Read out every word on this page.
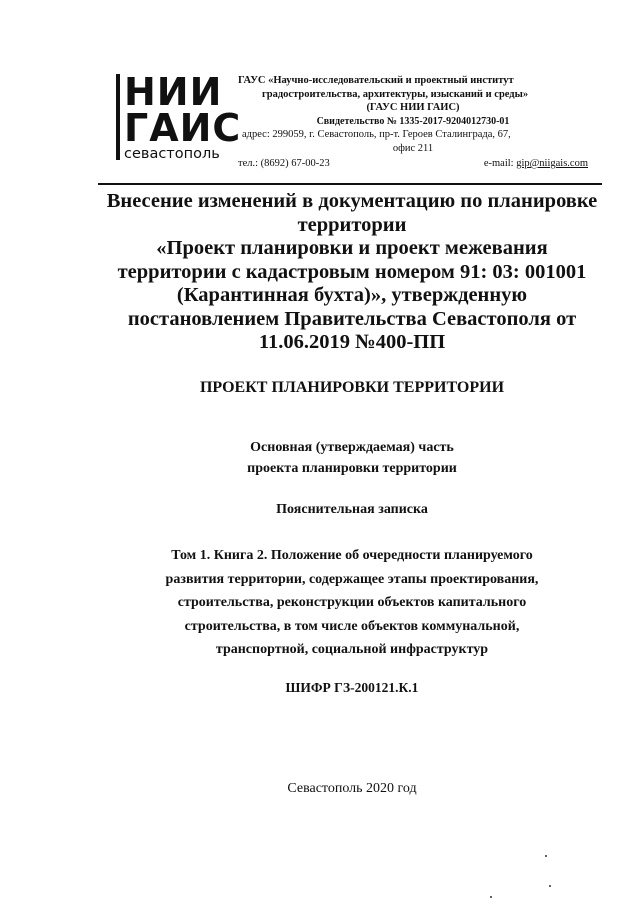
НИИ
ГАИС
севастополь

ГАУС «Научно-исследовательский и проектный институт

градостроительства, архитектуры, изысканий и среды»

(ГАУС НИИ ГАИС)

Свидетельство № 1335-2017-9204012730-01

адрес: 299059, г. Севастополь, пр-т. Героев Сталинграда, 67,

офис 211

тел.: (8692) 67-00-23	e-mail: gip@niigais.com
Внесение изменений в документацию по планировке
территории
«Проект планировки и проект межевания
территории с кадастровым номером 91: 03: 001001
(Карантинная бухта)», утвержденную
постановлением Правительства Севастополя от
11.06.2019 №400-ПП
ПРОЕКТ ПЛАНИРОВКИ ТЕРРИТОРИИ
Основная (утверждаемая) часть
проекта планировки территории
Пояснительная записка
Том 1. Книга 2. Положение об очередности планируемого
развития территории, содержащее этапы проектирования,
строительства, реконструкции объектов капитального
строительства, в том числе объектов коммунальной,
транспортной, социальной инфраструктур
ШИФР ГЗ-200121.К.1
Севастополь 2020 год
